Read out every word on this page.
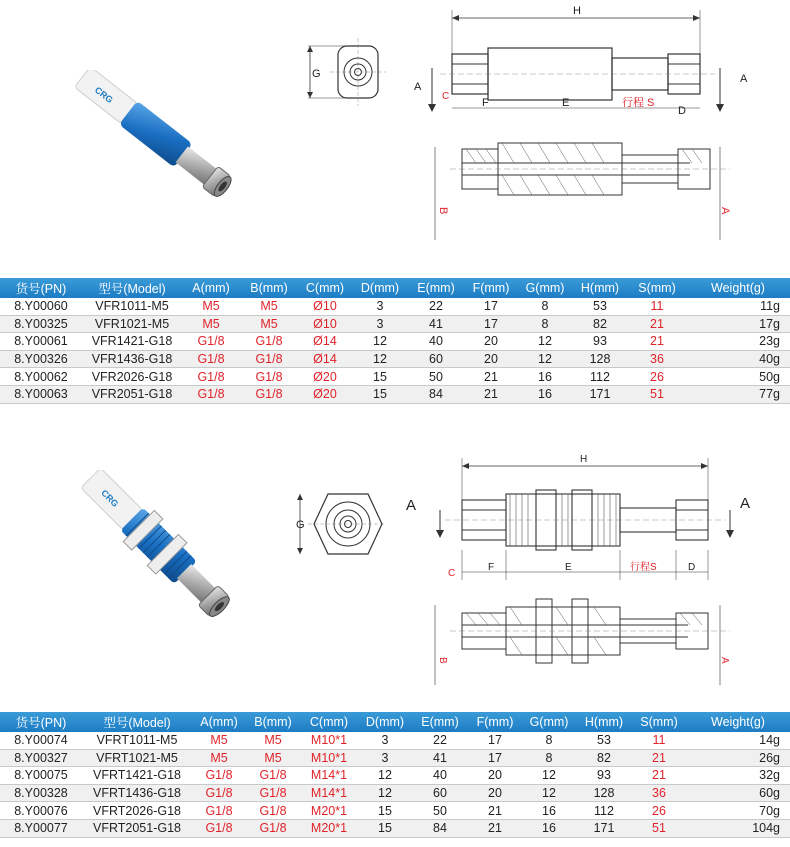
CRG
G
H
A
A
C
F	E	行程 S
D
B	A
货号(PN)	型号(Model)	A(mm)	B(mm)	C(mm)	D(mm)	E(mm)	F(mm)	G(mm)	H(mm)	S(mm)	Weight(g)
8.Y00060	VFR1011-M5	M5	M5	Ø10	3	22	17	8	53	11	11g
8.Y00325	VFR1021-M5	M5	M5	Ø10	3	41	17	8	82	21	17g
8.Y00061	VFR1421-G18	G1/8	G1/8	Ø14	12	40	20	12	93	21	23g
8.Y00326	VFR1436-G18	G1/8	G1/8	Ø14	12	60	20	12	128	36	40g
8.Y00062	VFR2026-G18	G1/8	G1/8	Ø20	15	50	21	16	112	26	50g
8.Y00063	VFR2051-G18	G1/8	G1/8	Ø20	15	84	21	16	171	51	77g
CRG
G
H
A	A
C
F	E	行程S	D
B	A
货号(PN)	型号(Model)	A(mm)	B(mm)	C(mm)	D(mm)	E(mm)	F(mm)	G(mm)	H(mm)	S(mm)	Weight(g)
8.Y00074	VFRT1011-M5	M5	M5	M10*1	3	22	17	8	53	11	14g
8.Y00327	VFRT1021-M5	M5	M5	M10*1	3	41	17	8	82	21	26g
8.Y00075	VFRT1421-G18	G1/8	G1/8	M14*1	12	40	20	12	93	21	32g
8.Y00328	VFRT1436-G18	G1/8	G1/8	M14*1	12	60	20	12	128	36	60g
8.Y00076	VFRT2026-G18	G1/8	G1/8	M20*1	15	50	21	16	112	26	70g
8.Y00077	VFRT2051-G18	G1/8	G1/8	M20*1	15	84	21	16	171	51	104g
